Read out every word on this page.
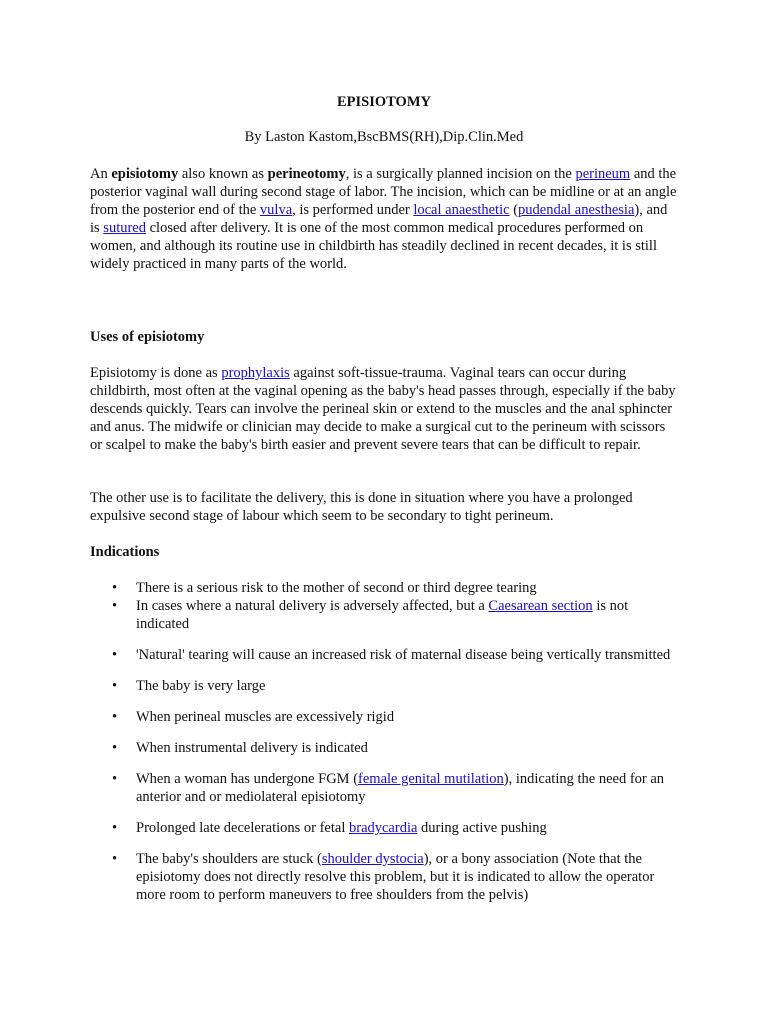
EPISIOTOMY
By Laston Kastom,BscBMS(RH),Dip.Clin.Med

An episiotomy also known as perineotomy, is a surgically planned incision on the perineum and the posterior vaginal wall during second stage of labor. The incision, which can be midline or at an angle from the posterior end of the vulva, is performed under local anaesthetic (pudendal anesthesia), and is sutured closed after delivery. It is one of the most common medical procedures performed on women, and although its routine use in childbirth has steadily declined in recent decades, it is still widely practiced in many parts of the world.

Uses of episiotomy

Episiotomy is done as prophylaxis against soft-tissue-trauma. Vaginal tears can occur during childbirth, most often at the vaginal opening as the baby's head passes through, especially if the baby descends quickly. Tears can involve the perineal skin or extend to the muscles and the anal sphincter and anus. The midwife or clinician may decide to make a surgical cut to the perineum with scissors or scalpel to make the baby's birth easier and prevent severe tears that can be difficult to repair.

The other use is to facilitate the delivery, this is done in situation where you have a prolonged expulsive second stage of labour which seem to be secondary to tight perineum.

Indications
• There is a serious risk to the mother of second or third degree tearing
• In cases where a natural delivery is adversely affected, but a Caesarean section is not indicated
• 'Natural' tearing will cause an increased risk of maternal disease being vertically transmitted
• The baby is very large
• When perineal muscles are excessively rigid
• When instrumental delivery is indicated
• When a woman has undergone FGM (female genital mutilation), indicating the need for an anterior and or mediolateral episiotomy
• Prolonged late decelerations or fetal bradycardia during active pushing
• The baby's shoulders are stuck (shoulder dystocia), or a bony association (Note that the episiotomy does not directly resolve this problem, but it is indicated to allow the operator more room to perform maneuvers to free shoulders from the pelvis)
